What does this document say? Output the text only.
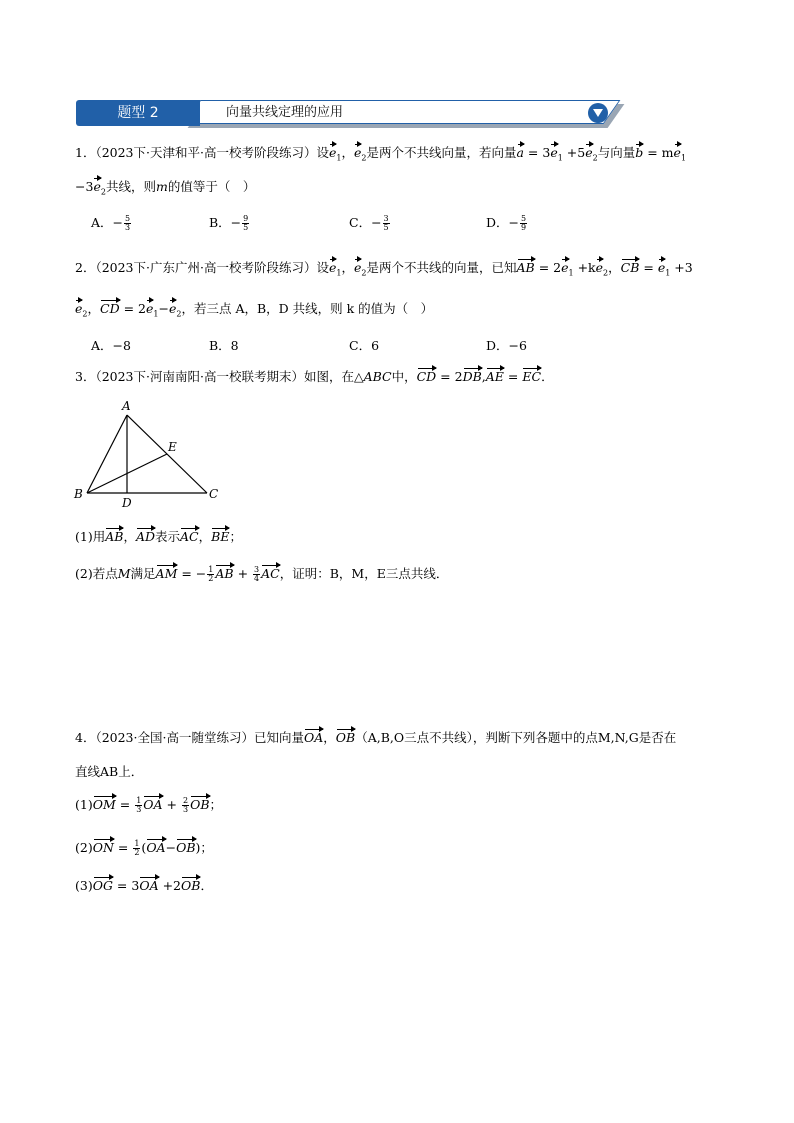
题型 2	向量共线定理的应用
1．（2023下·天津和平·高一校考阶段练习）设$e_1$，$e_2$是两个不共线向量，若向量$a = 3e_1 +5e_2$与向量$b = me_1$
$-3e_2$共线，则m的值等于（　）
A．− $\frac{5}{3}$	B．− $\frac{9}{5}$	C．− $\frac{3}{5}$	D．− $\frac{5}{9}$
2．（2023下·广东广州·高一校考阶段练习）设$e_1$，$e_2$是两个不共线的向量，已知AB = $2e_1 +ke_2$，CB = $e_1 +3$
$e_2$，CD = $2e_1-e_2$，若三点 A，B，D 共线，则 k 的值为（　）
A．−8	B．8	C．6	D．−6
3．（2023下·河南南阳·高一校联考期末）如图，在△ABC中，CD = 2DB,AE = EC．
A
B	C
D
E
(1)用AB，AD表示AC，BE；
(2)若点M满足AM = − $\frac{1}{2}$ AB + $\frac{3}{4}$ AC，证明：B，M，E三点共线．
4．（2023·全国·高一随堂练习）已知向量OA，OB（A,B,O三点不共线），判断下列各题中的点M,N,G是否在
直线AB上．
$(1)OM = \frac{1}{3}$ OA + $\frac{2}{3}$ OB；
$(2)ON = \frac{1}{2} (OA-OB)$；
(3)OG = 3OA +2OB．
